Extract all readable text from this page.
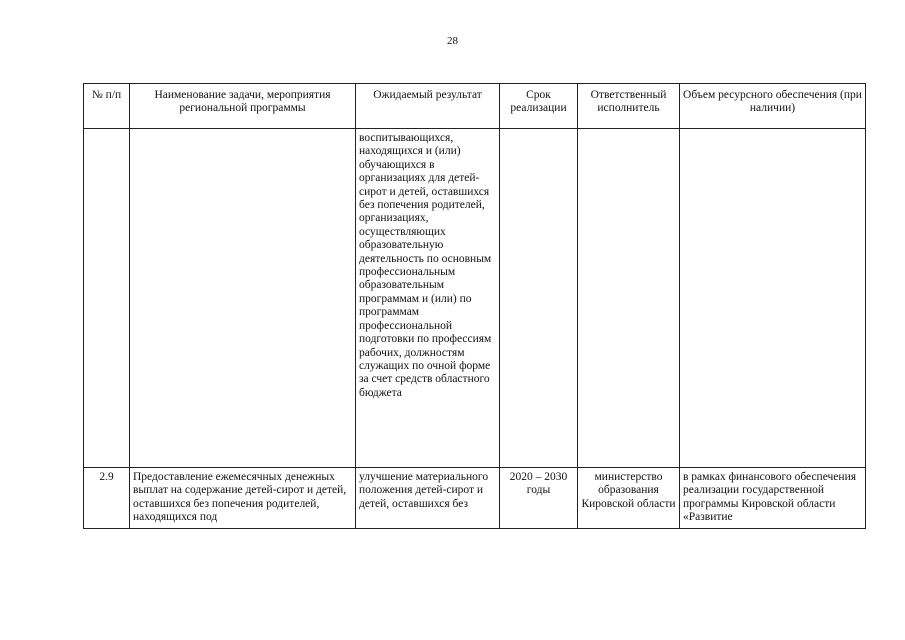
28
№ п/п	Наименование задачи, мероприятия региональной программы	Ожидаемый результат	Срок реализации	Ответственный исполнитель	Объем ресурсного обеспечения (при наличии)
		воспитывающихся, находящихся и (или) обучающихся в организациях для детей-сирот и детей, оставшихся без попечения родителей, организациях, осуществляющих образовательную деятельность по основным профессиональным образовательным программам и (или) по программам профессиональной подготовки по профессиям рабочих, должностям служащих по очной форме за счет средств областного бюджета			
2.9	Предоставление ежемесячных денежных выплат на содержание детей-сирот и детей, оставшихся без попечения родителей, находящихся под	улучшение материального положения детей-сирот и детей, оставшихся без	2020 – 2030 годы	министерство образования Кировской области	в рамках финансового обеспечения реализации государственной программы Кировской области «Развитие
